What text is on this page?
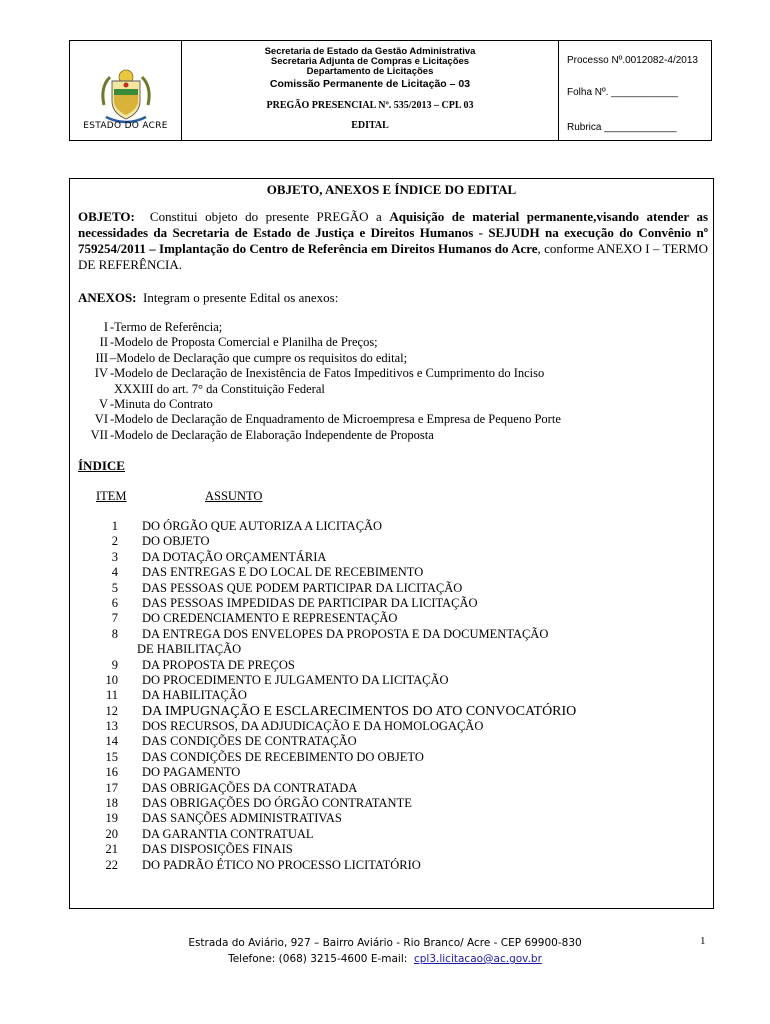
ESTADO DO ACRE
Secretaria de Estado da Gestão Administrativa
Secretaria Adjunta de Compras e Licitações
Departamento de Licitações
Comissão Permanente de Licitação – 03
PREGÃO PRESENCIAL Nº. 535/2013 – CPL 03
EDITAL
Processo Nº.0012082-4/2013
Folha Nº. ____________
Rubrica _____________
OBJETO, ANEXOS E ÍNDICE DO EDITAL
OBJETO: Constitui objeto do presente PREGÃO a Aquisição de material permanente,visando atender as necessidades da Secretaria de Estado de Justiça e Direitos Humanos - SEJUDH na execução do Convênio nº 759254/2011 – Implantação do Centro de Referência em Direitos Humanos do Acre, conforme ANEXO I – TERMO DE REFERÊNCIA.
ANEXOS: Integram o presente Edital os anexos:
I - Termo de Referência;
II - Modelo de Proposta Comercial e Planilha de Preços;
III – Modelo de Declaração que cumpre os requisitos do edital;
IV - Modelo de Declaração de Inexistência de Fatos Impeditivos e Cumprimento do Inciso
XXXIII do art. 7° da Constituição Federal
V - Minuta do Contrato
VI - Modelo de Declaração de Enquadramento de Microempresa e Empresa de Pequeno Porte
VII - Modelo de Declaração de Elaboração Independente de Proposta
ÍNDICE
ITEM	ASSUNTO
1 DO ÓRGÃO QUE AUTORIZA A LICITAÇÃO
2 DO OBJETO
3 DA DOTAÇÃO ORÇAMENTÁRIA
4 DAS ENTREGAS E DO LOCAL DE RECEBIMENTO
5 DAS PESSOAS QUE PODEM PARTICIPAR DA LICITAÇÃO
6 DAS PESSOAS IMPEDIDAS DE PARTICIPAR DA LICITAÇÃO
7 DO CREDENCIAMENTO E REPRESENTAÇÃO
8 DA ENTREGA DOS ENVELOPES DA PROPOSTA E DA DOCUMENTAÇÃO
DE HABILITAÇÃO
9 DA PROPOSTA DE PREÇOS
10 DO PROCEDIMENTO E JULGAMENTO DA LICITAÇÃO
11 DA HABILITAÇÃO
12 DA IMPUGNAÇÃO E ESCLARECIMENTOS DO ATO CONVOCATÓRIO
13 DOS RECURSOS, DA ADJUDICAÇÃO E DA HOMOLOGAÇÃO
14 DAS CONDIÇÕES DE CONTRATAÇÃO
15 DAS CONDIÇÕES DE RECEBIMENTO DO OBJETO
16 DO PAGAMENTO
17 DAS OBRIGAÇÕES DA CONTRATADA
18 DAS OBRIGAÇÕES DO ÓRGÃO CONTRATANTE
19 DAS SANÇÕES ADMINISTRATIVAS
20 DA GARANTIA CONTRATUAL
21 DAS DISPOSIÇÕES FINAIS
22 DO PADRÃO ÉTICO NO PROCESSO LICITATÓRIO
Estrada do Aviário, 927 – Bairro Aviário - Rio Branco/ Acre - CEP 69900-830
Telefone: (068) 3215-4600 E-mail: cpl3.licitacao@ac.gov.br
1
